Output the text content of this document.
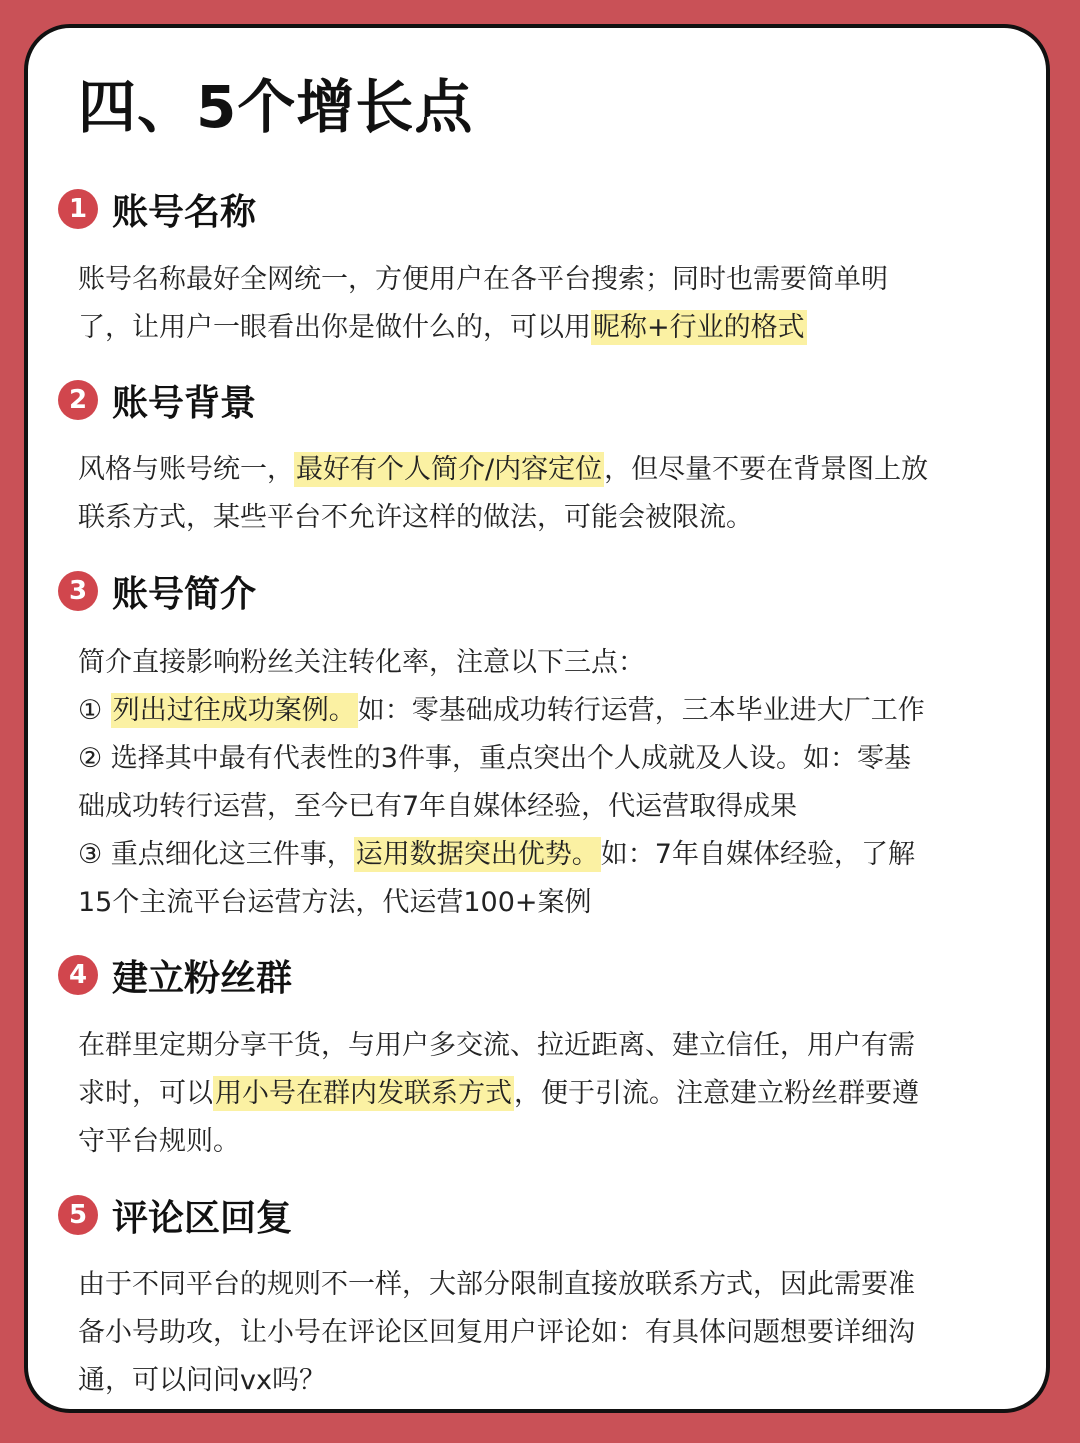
四、5个增长点
1 账号名称
账号名称最好全网统一，方便用户在各平台搜索；同时也需要简单明
了，让用户一眼看出你是做什么的，可以用昵称+行业的格式
2 账号背景
风格与账号统一，最好有个人简介/内容定位，但尽量不要在背景图上放
联系方式，某些平台不允许这样的做法，可能会被限流。
3 账号简介
简介直接影响粉丝关注转化率，注意以下三点：
① 列出过往成功案例。如：零基础成功转行运营，三本毕业进大厂工作
② 选择其中最有代表性的3件事，重点突出个人成就及人设。如：零基
础成功转行运营，至今已有7年自媒体经验，代运营取得成果
③ 重点细化这三件事，运用数据突出优势。如：7年自媒体经验，了解
15个主流平台运营方法，代运营100+案例
4 建立粉丝群
在群里定期分享干货，与用户多交流、拉近距离、建立信任，用户有需
求时，可以用小号在群内发联系方式，便于引流。注意建立粉丝群要遵
守平台规则。
5 评论区回复
由于不同平台的规则不一样，大部分限制直接放联系方式，因此需要准
备小号助攻，让小号在评论区回复用户评论如：有具体问题想要详细沟
通，可以问问vx吗？
